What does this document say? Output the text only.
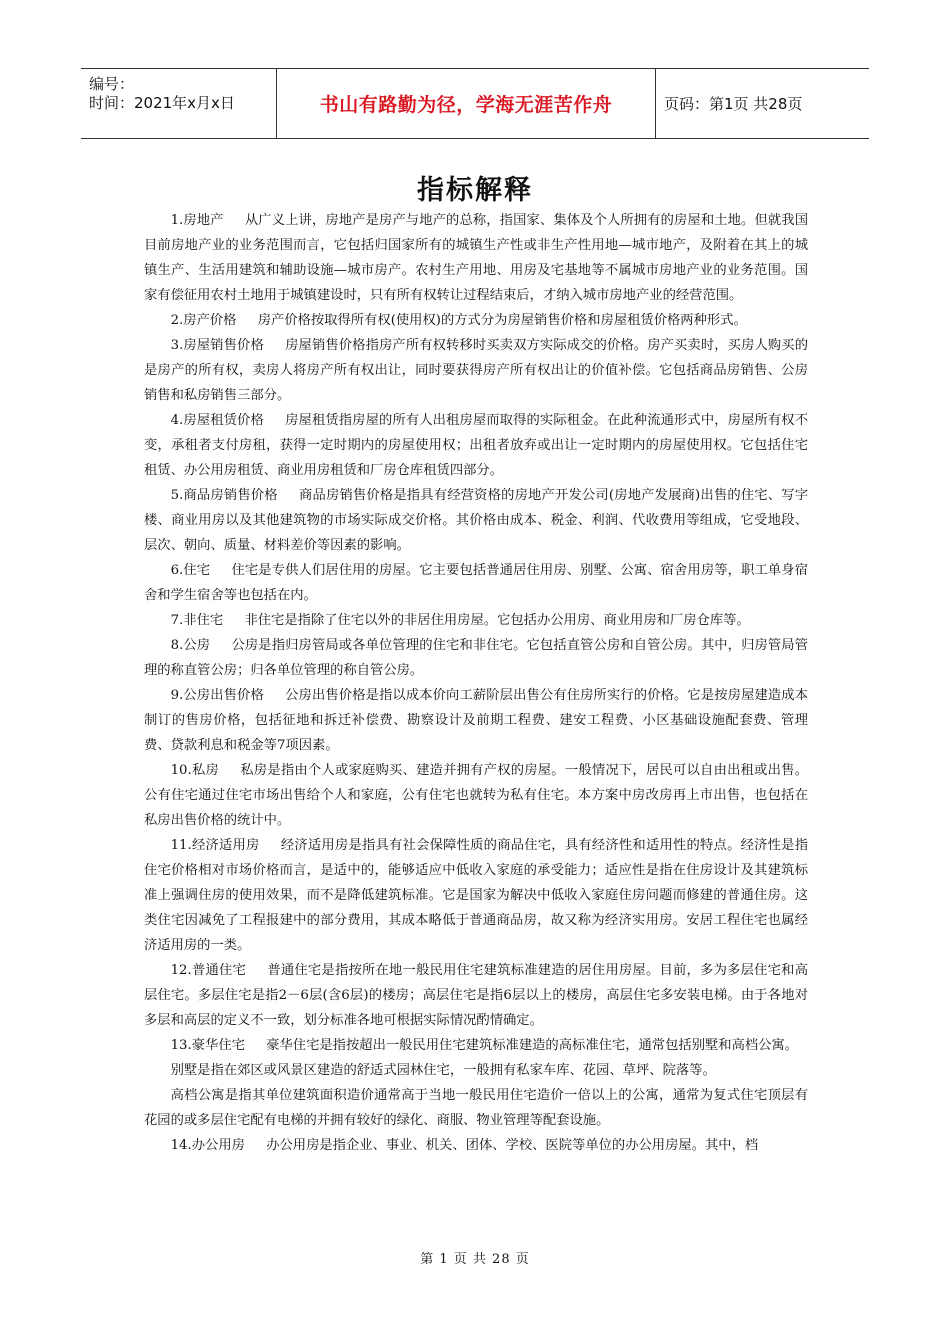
编号：
时间：2021年x月x日	书山有路勤为径，学海无涯苦作舟	页码：第1页 共28页
指标解释

1.房地产 从广义上讲，房地产是房产与地产的总称，指国家、集体及个人所拥有的房屋和土地。但就我国目前房地产业的业务范围而言，它包括归国家所有的城镇生产性或非生产性用地—城市地产，及附着在其上的城镇生产、生活用建筑和辅助设施—城市房产。农村生产用地、用房及宅基地等不属城市房地产业的业务范围。国家有偿征用农村土地用于城镇建设时，只有所有权转让过程结束后，才纳入城市房地产业的经营范围。

2.房产价格 房产价格按取得所有权(使用权)的方式分为房屋销售价格和房屋租赁价格两种形式。

3.房屋销售价格 房屋销售价格指房产所有权转移时买卖双方实际成交的价格。房产买卖时，买房人购买的是房产的所有权，卖房人将房产所有权出让，同时要获得房产所有权出让的价值补偿。它包括商品房销售、公房销售和私房销售三部分。

4.房屋租赁价格 房屋租赁指房屋的所有人出租房屋而取得的实际租金。在此种流通形式中，房屋所有权不变，承租者支付房租，获得一定时期内的房屋使用权；出租者放弃或出让一定时期内的房屋使用权。它包括住宅租赁、办公用房租赁、商业用房租赁和厂房仓库租赁四部分。

5.商品房销售价格 商品房销售价格是指具有经营资格的房地产开发公司(房地产发展商)出售的住宅、写字楼、商业用房以及其他建筑物的市场实际成交价格。其价格由成本、税金、利润、代收费用等组成，它受地段、层次、朝向、质量、材料差价等因素的影响。

6.住宅 住宅是专供人们居住用的房屋。它主要包括普通居住用房、别墅、公寓、宿舍用房等，职工单身宿舍和学生宿舍等也包括在内。

7.非住宅 非住宅是指除了住宅以外的非居住用房屋。它包括办公用房、商业用房和厂房仓库等。

8.公房 公房是指归房管局或各单位管理的住宅和非住宅。它包括直管公房和自管公房。其中，归房管局管理的称直管公房；归各单位管理的称自管公房。

9.公房出售价格 公房出售价格是指以成本价向工薪阶层出售公有住房所实行的价格。它是按房屋建造成本制订的售房价格，包括征地和拆迁补偿费、勘察设计及前期工程费、建安工程费、小区基础设施配套费、管理费、贷款利息和税金等7项因素。

10.私房 私房是指由个人或家庭购买、建造并拥有产权的房屋。一般情况下，居民可以自由出租或出售。公有住宅通过住宅市场出售给个人和家庭，公有住宅也就转为私有住宅。本方案中房改房再上市出售，也包括在私房出售价格的统计中。

11.经济适用房 经济适用房是指具有社会保障性质的商品住宅，具有经济性和适用性的特点。经济性是指住宅价格相对市场价格而言，是适中的，能够适应中低收入家庭的承受能力；适应性是指在住房设计及其建筑标准上强调住房的使用效果，而不是降低建筑标准。它是国家为解决中低收入家庭住房问题而修建的普通住房。这类住宅因减免了工程报建中的部分费用，其成本略低于普通商品房，故又称为经济实用房。安居工程住宅也属经济适用房的一类。

12.普通住宅 普通住宅是指按所在地一般民用住宅建筑标准建造的居住用房屋。目前，多为多层住宅和高层住宅。多层住宅是指2－6层(含6层)的楼房；高层住宅是指6层以上的楼房，高层住宅多安装电梯。由于各地对多层和高层的定义不一致，划分标准各地可根据实际情况酌情确定。

13.豪华住宅 豪华住宅是指按超出一般民用住宅建筑标准建造的高标准住宅，通常包括别墅和高档公寓。

别墅是指在郊区或风景区建造的舒适式园林住宅，一般拥有私家车库、花园、草坪、院落等。

高档公寓是指其单位建筑面积造价通常高于当地一般民用住宅造价一倍以上的公寓，通常为复式住宅顶层有花园的或多层住宅配有电梯的并拥有较好的绿化、商服、物业管理等配套设施。

14.办公用房 办公用房是指企业、事业、机关、团体、学校、医院等单位的办公用房屋。其中，档

第 1 页 共 28 页
